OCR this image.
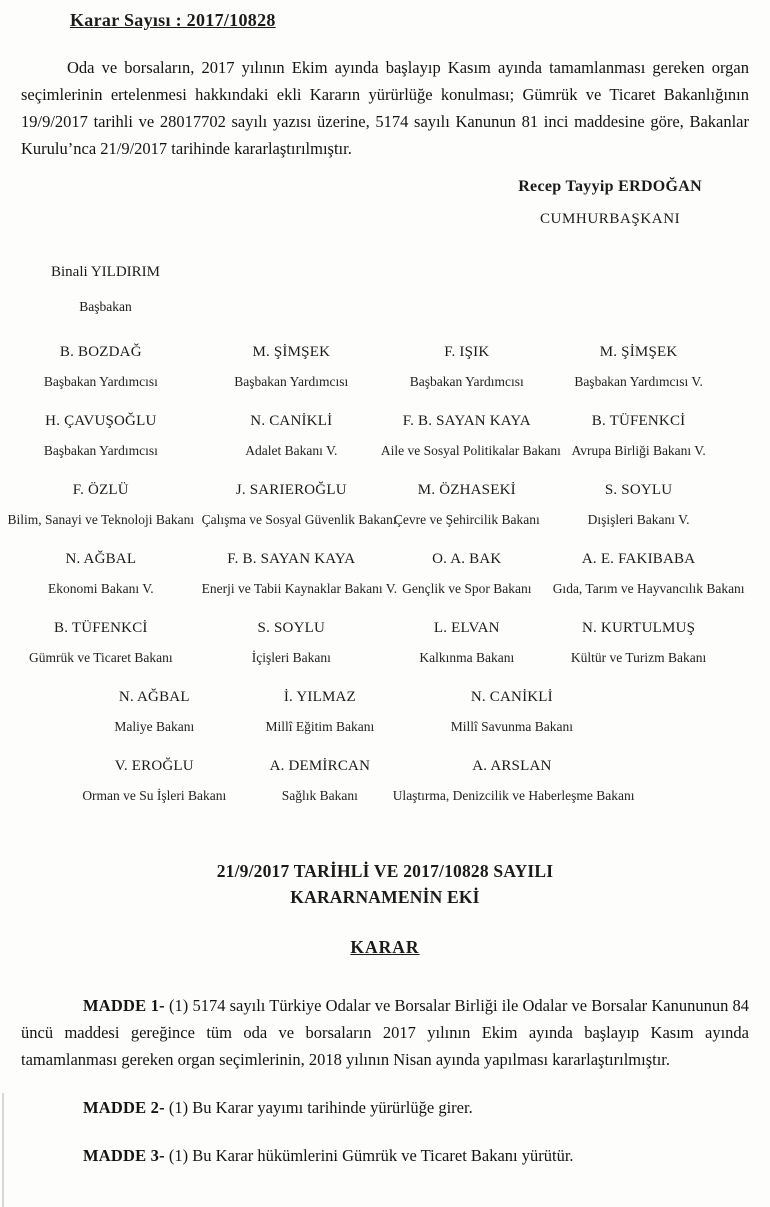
Karar Sayısı : 2017/10828

Oda ve borsaların, 2017 yılının Ekim ayında başlayıp Kasım ayında tamamlanması gereken organ seçimlerinin ertelenmesi hakkındaki ekli Kararın yürürlüğe konulması; Gümrük ve Ticaret Bakanlığının 19/9/2017 tarihli ve 28017702 sayılı yazısı üzerine, 5174 sayılı Kanunun 81 inci maddesine göre, Bakanlar Kurulu’nca 21/9/2017 tarihinde kararlaştırılmıştır.

Recep Tayyip ERDOĞAN
CUMHURBAŞKANI
Binali YILDIRIM
Başbakan
B. BOZDAĞ
Başbakan Yardımcısı
M. ŞİMŞEK
Başbakan Yardımcısı
F. IŞIK
Başbakan Yardımcısı
M. ŞİMŞEK
Başbakan Yardımcısı V.
H. ÇAVUŞOĞLU
Başbakan Yardımcısı
N. CANİKLİ
Adalet Bakanı V.
F. B. SAYAN KAYA
Aile ve Sosyal Politikalar Bakanı
B. TÜFENKCİ
Avrupa Birliği Bakanı V.
F. ÖZLÜ
Bilim, Sanayi ve Teknoloji Bakanı
J. SARIEROĞLU
Çalışma ve Sosyal Güvenlik Bakanı
M. ÖZHASEKİ
Çevre ve Şehircilik Bakanı
S. SOYLU
Dışişleri Bakanı V.
N. AĞBAL
Ekonomi Bakanı V.
F. B. SAYAN KAYA
Enerji ve Tabii Kaynaklar Bakanı V.
O. A. BAK
Gençlik ve Spor Bakanı
A. E. FAKIBABA
Gıda, Tarım ve Hayvancılık Bakanı
B. TÜFENKCİ
Gümrük ve Ticaret Bakanı
S. SOYLU
İçişleri Bakanı
L. ELVAN
Kalkınma Bakanı
N. KURTULMUŞ
Kültür ve Turizm Bakanı
N. AĞBAL
Maliye Bakanı
İ. YILMAZ
Millî Eğitim Bakanı
N. CANİKLİ
Millî Savunma Bakanı
V. EROĞLU
Orman ve Su İşleri Bakanı
A. DEMİRCAN
Sağlık Bakanı
A. ARSLAN
Ulaştırma, Denizcilik ve Haberleşme Bakanı
21/9/2017 TARİHLİ VE 2017/10828 SAYILI
KARARNAMENİN EKİ
KARAR

MADDE 1- (1) 5174 sayılı Türkiye Odalar ve Borsalar Birliği ile Odalar ve Borsalar Kanununun 84 üncü maddesi gereğince tüm oda ve borsaların 2017 yılının Ekim ayında başlayıp Kasım ayında tamamlanması gereken organ seçimlerinin, 2018 yılının Nisan ayında yapılması kararlaştırılmıştır.

MADDE 2- (1) Bu Karar yayımı tarihinde yürürlüğe girer.

MADDE 3- (1) Bu Karar hükümlerini Gümrük ve Ticaret Bakanı yürütür.
